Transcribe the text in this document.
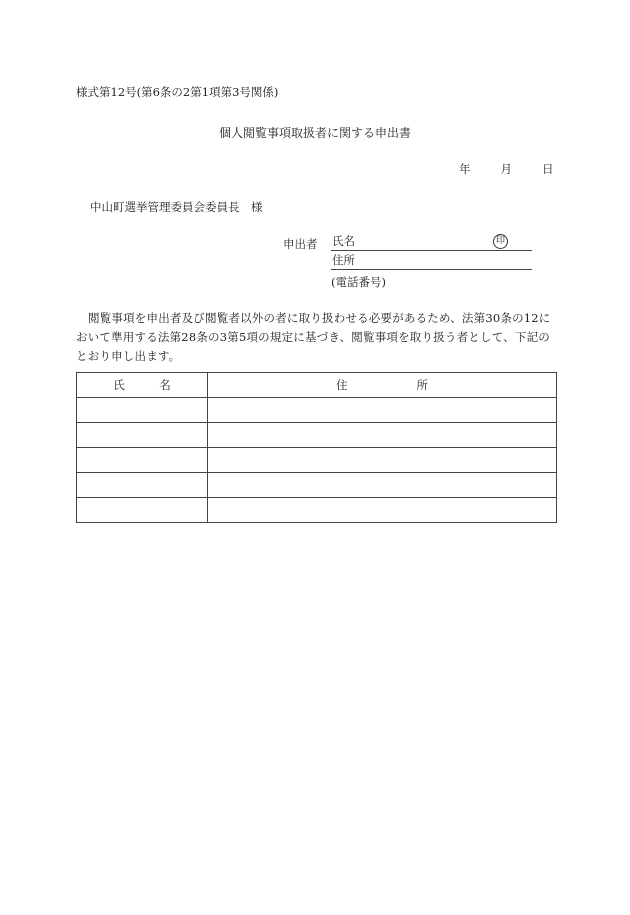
様式第12号(第6条の2第1項第3号関係)
個人閲覧事項取扱者に関する申出書
年	月	日
中山町選挙管理委員会委員長　様
申出者 氏名	印
住所
(電話番号)
閲覧事項を申出者及び閲覧者以外の者に取り扱わせる必要があるため、法第30条の12において準用する法第28条の3第5項の規定に基づき、閲覧事項を取り扱う者として、下記のとおり申し出ます。
氏　　　名	住　　　　　　所
